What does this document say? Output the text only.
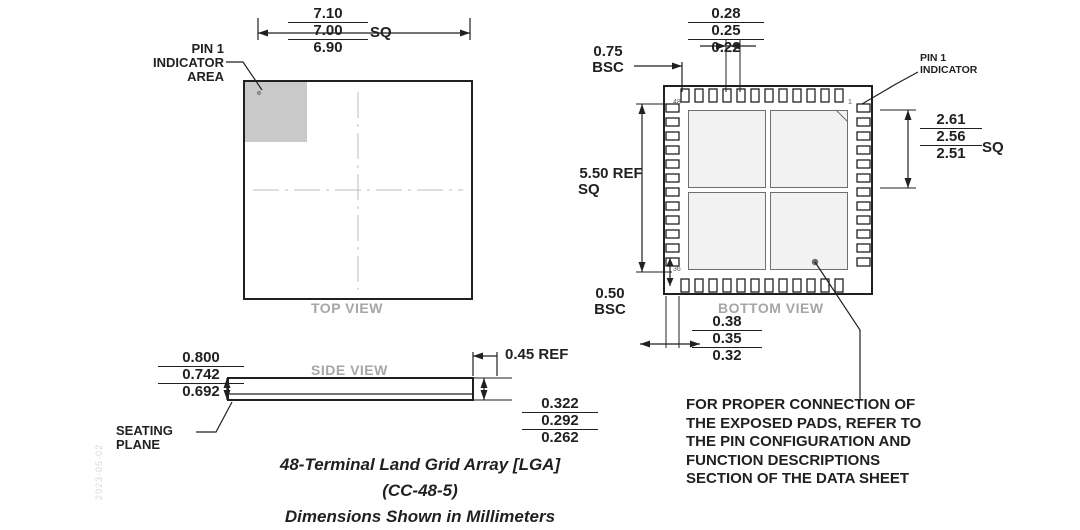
7.10
7.00
6.90
SQ
PIN 1
INDICATOR
AREA
TOP VIEW
0.800
0.742
0.692
SEATING
PLANE
SIDE VIEW
0.45 REF
0.322
0.292
0.262
0.28
0.25
0.22
0.75
BSC
5.50 REF
SQ
0.50
BSC
0.38
0.35
0.32
2.61
2.56
2.51	SQ
PIN 1
INDICATOR
BOTTOM VIEW
48
36
1
FOR PROPER CONNECTION OF
THE EXPOSED PADS, REFER TO
THE PIN CONFIGURATION AND
FUNCTION DESCRIPTIONS
SECTION OF THE DATA SHEET
48-Terminal Land Grid Array [LGA]
(CC-48-5)
Dimensions Shown in Millimeters
2023-05-02
